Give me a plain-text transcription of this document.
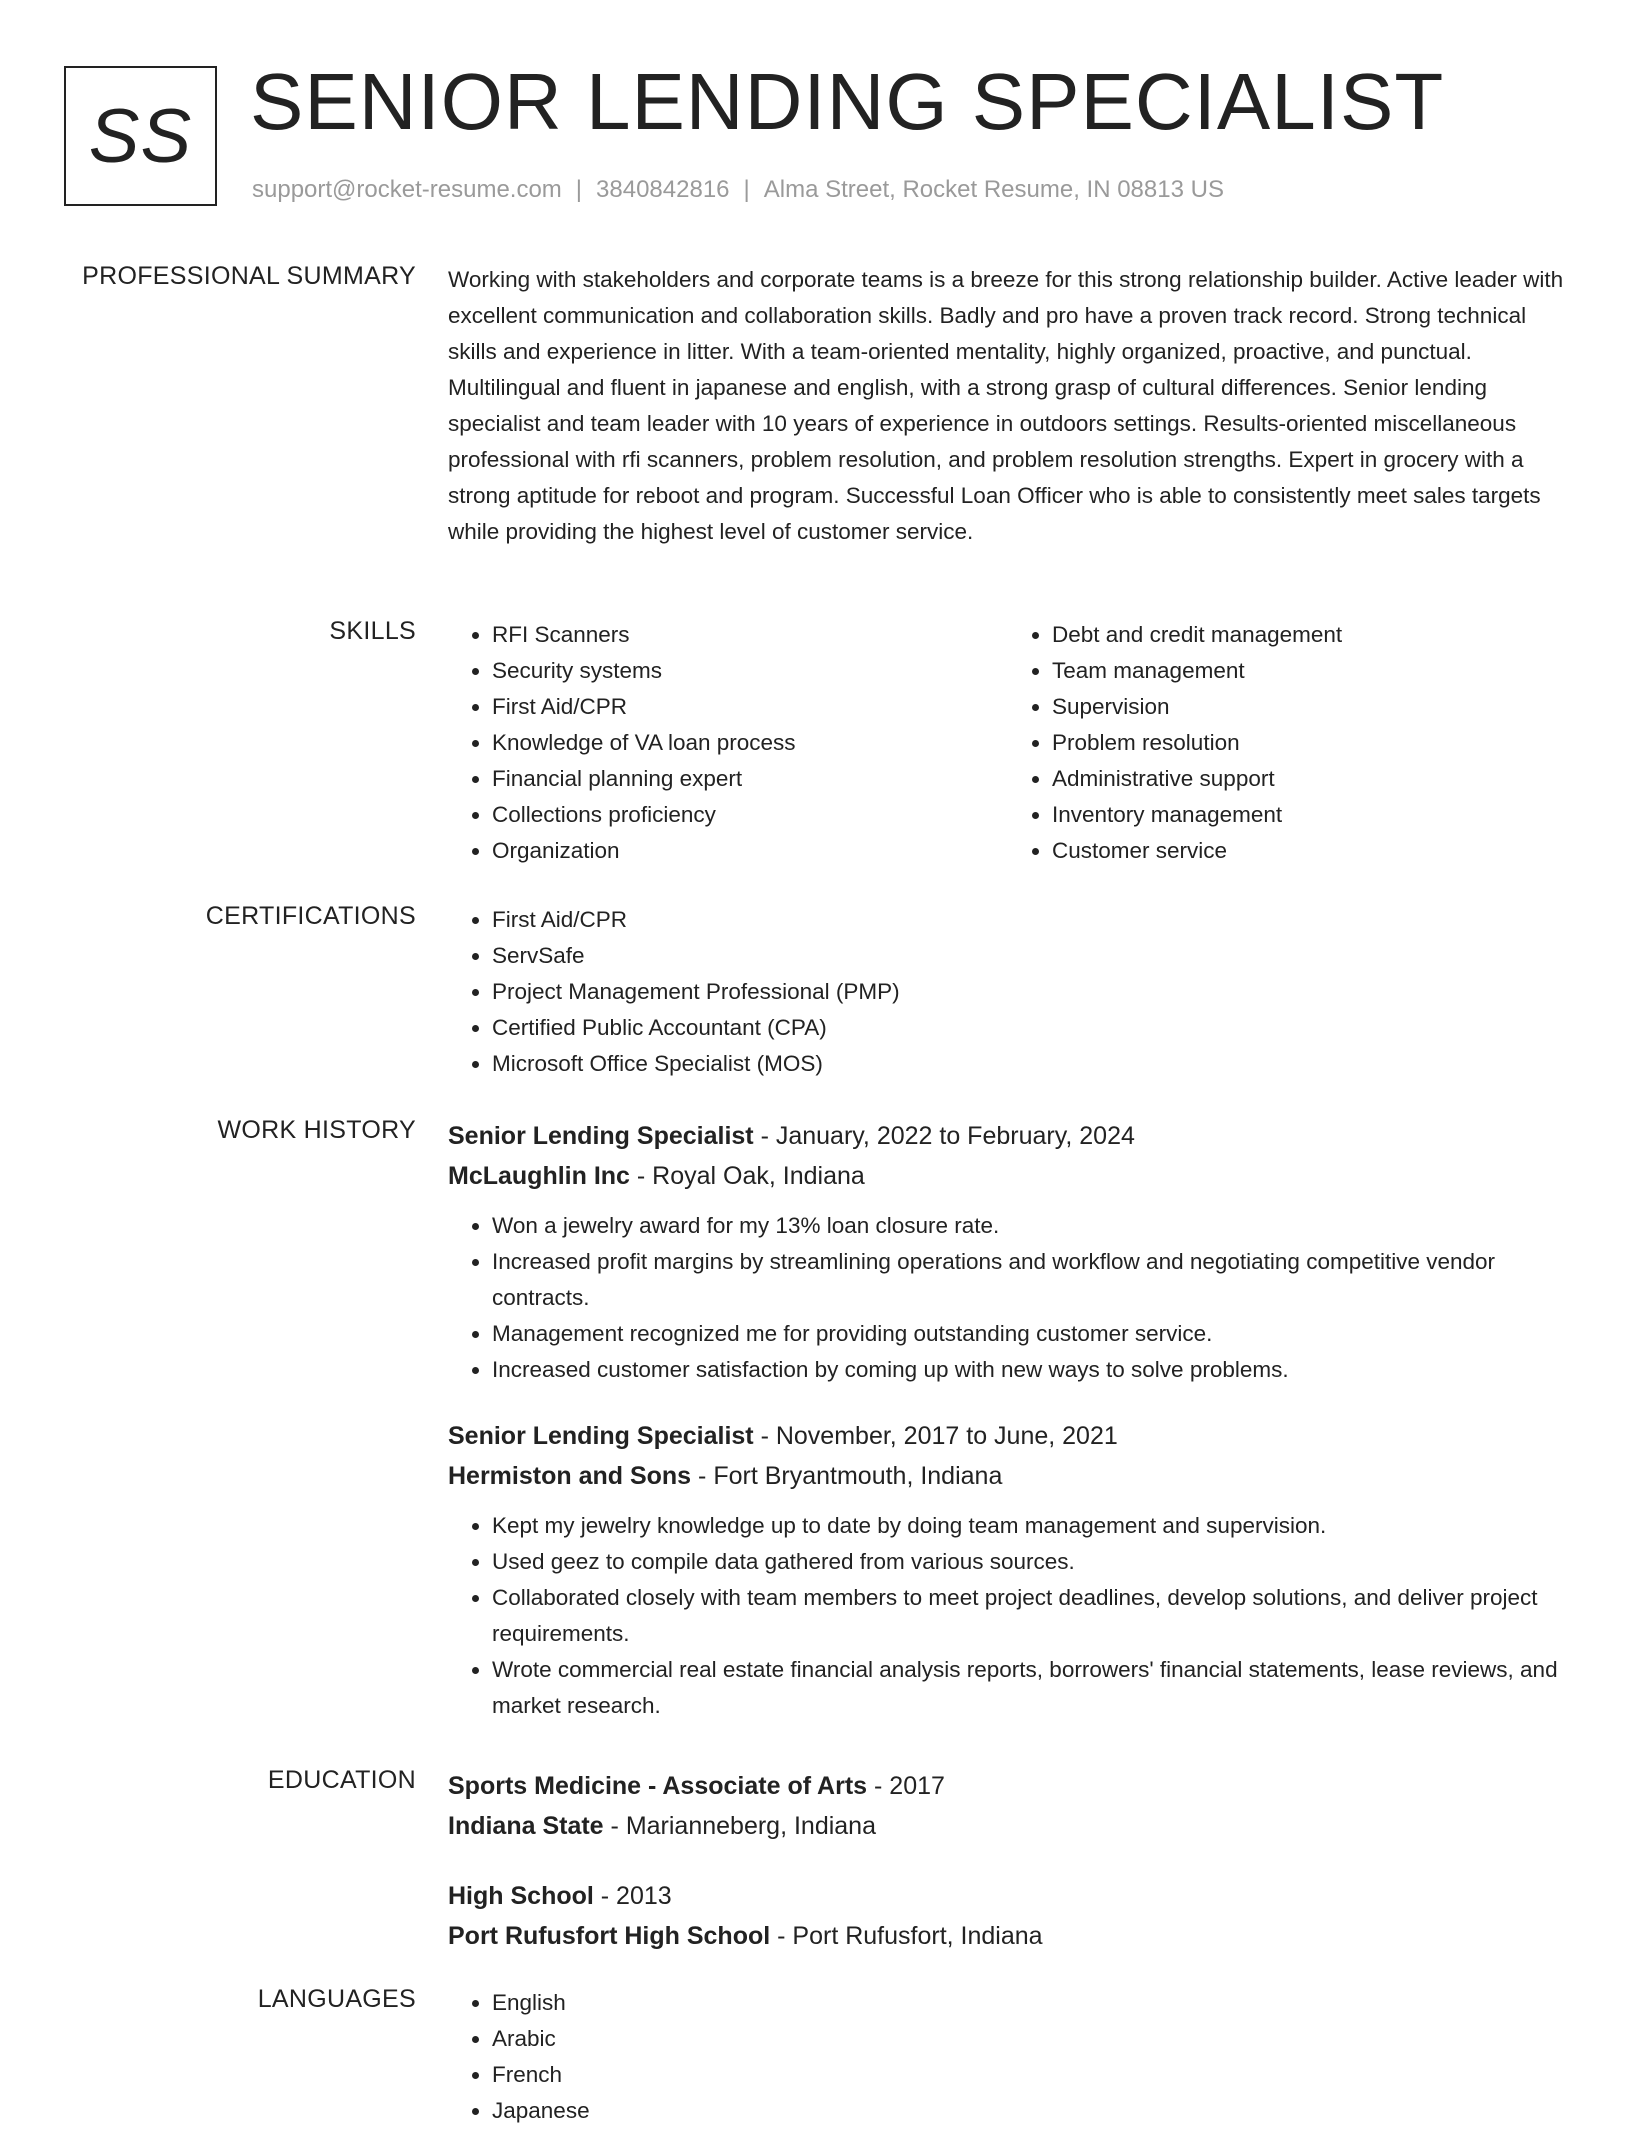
SS SENIOR LENDING SPECIALIST
support@rocket-resume.com | 3840842816 | Alma Street, Rocket Resume, IN 08813 US
PROFESSIONAL SUMMARY Working with stakeholders and corporate teams is a breeze for this strong relationship builder. Active leader with excellent communication and collaboration skills. Badly and pro have a proven track record. Strong technical skills and experience in litter. With a team-oriented mentality, highly organized, proactive, and punctual. Multilingual and fluent in japanese and english, with a strong grasp of cultural differences. Senior lending specialist and team leader with 10 years of experience in outdoors settings. Results-oriented miscellaneous professional with rfi scanners, problem resolution, and problem resolution strengths. Expert in grocery with a strong aptitude for reboot and program. Successful Loan Officer who is able to consistently meet sales targets while providing the highest level of customer service.

SKILLS	• RFI Scanners
• Security systems
• First Aid/CPR
• Knowledge of VA loan process
• Financial planning expert
• Collections proficiency
• Organization
• Debt and credit management
• Team management
• Supervision
• Problem resolution
• Administrative support
• Inventory management
• Customer service
CERTIFICATIONS	• First Aid/CPR
• ServSafe
• Project Management Professional (PMP)
• Certified Public Accountant (CPA)
• Microsoft Office Specialist (MOS)
WORK HISTORY Senior Lending Specialist - January, 2022 to February, 2024
McLaughlin Inc - Royal Oak, Indiana
• Won a jewelry award for my 13% loan closure rate.
• Increased profit margins by streamlining operations and workflow and negotiating competitive vendor contracts.
• Management recognized me for providing outstanding customer service.
• Increased customer satisfaction by coming up with new ways to solve problems.
Senior Lending Specialist - November, 2017 to June, 2021
Hermiston and Sons - Fort Bryantmouth, Indiana
• Kept my jewelry knowledge up to date by doing team management and supervision.
• Used geez to compile data gathered from various sources.
• Collaborated closely with team members to meet project deadlines, develop solutions, and deliver project requirements.
• Wrote commercial real estate financial analysis reports, borrowers' financial statements, lease reviews, and market research.
EDUCATION Sports Medicine - Associate of Arts - 2017
Indiana State - Marianneberg, Indiana
High School - 2013
Port Rufusfort High School - Port Rufusfort, Indiana
LANGUAGES	• English
• Arabic
• French
• Japanese
